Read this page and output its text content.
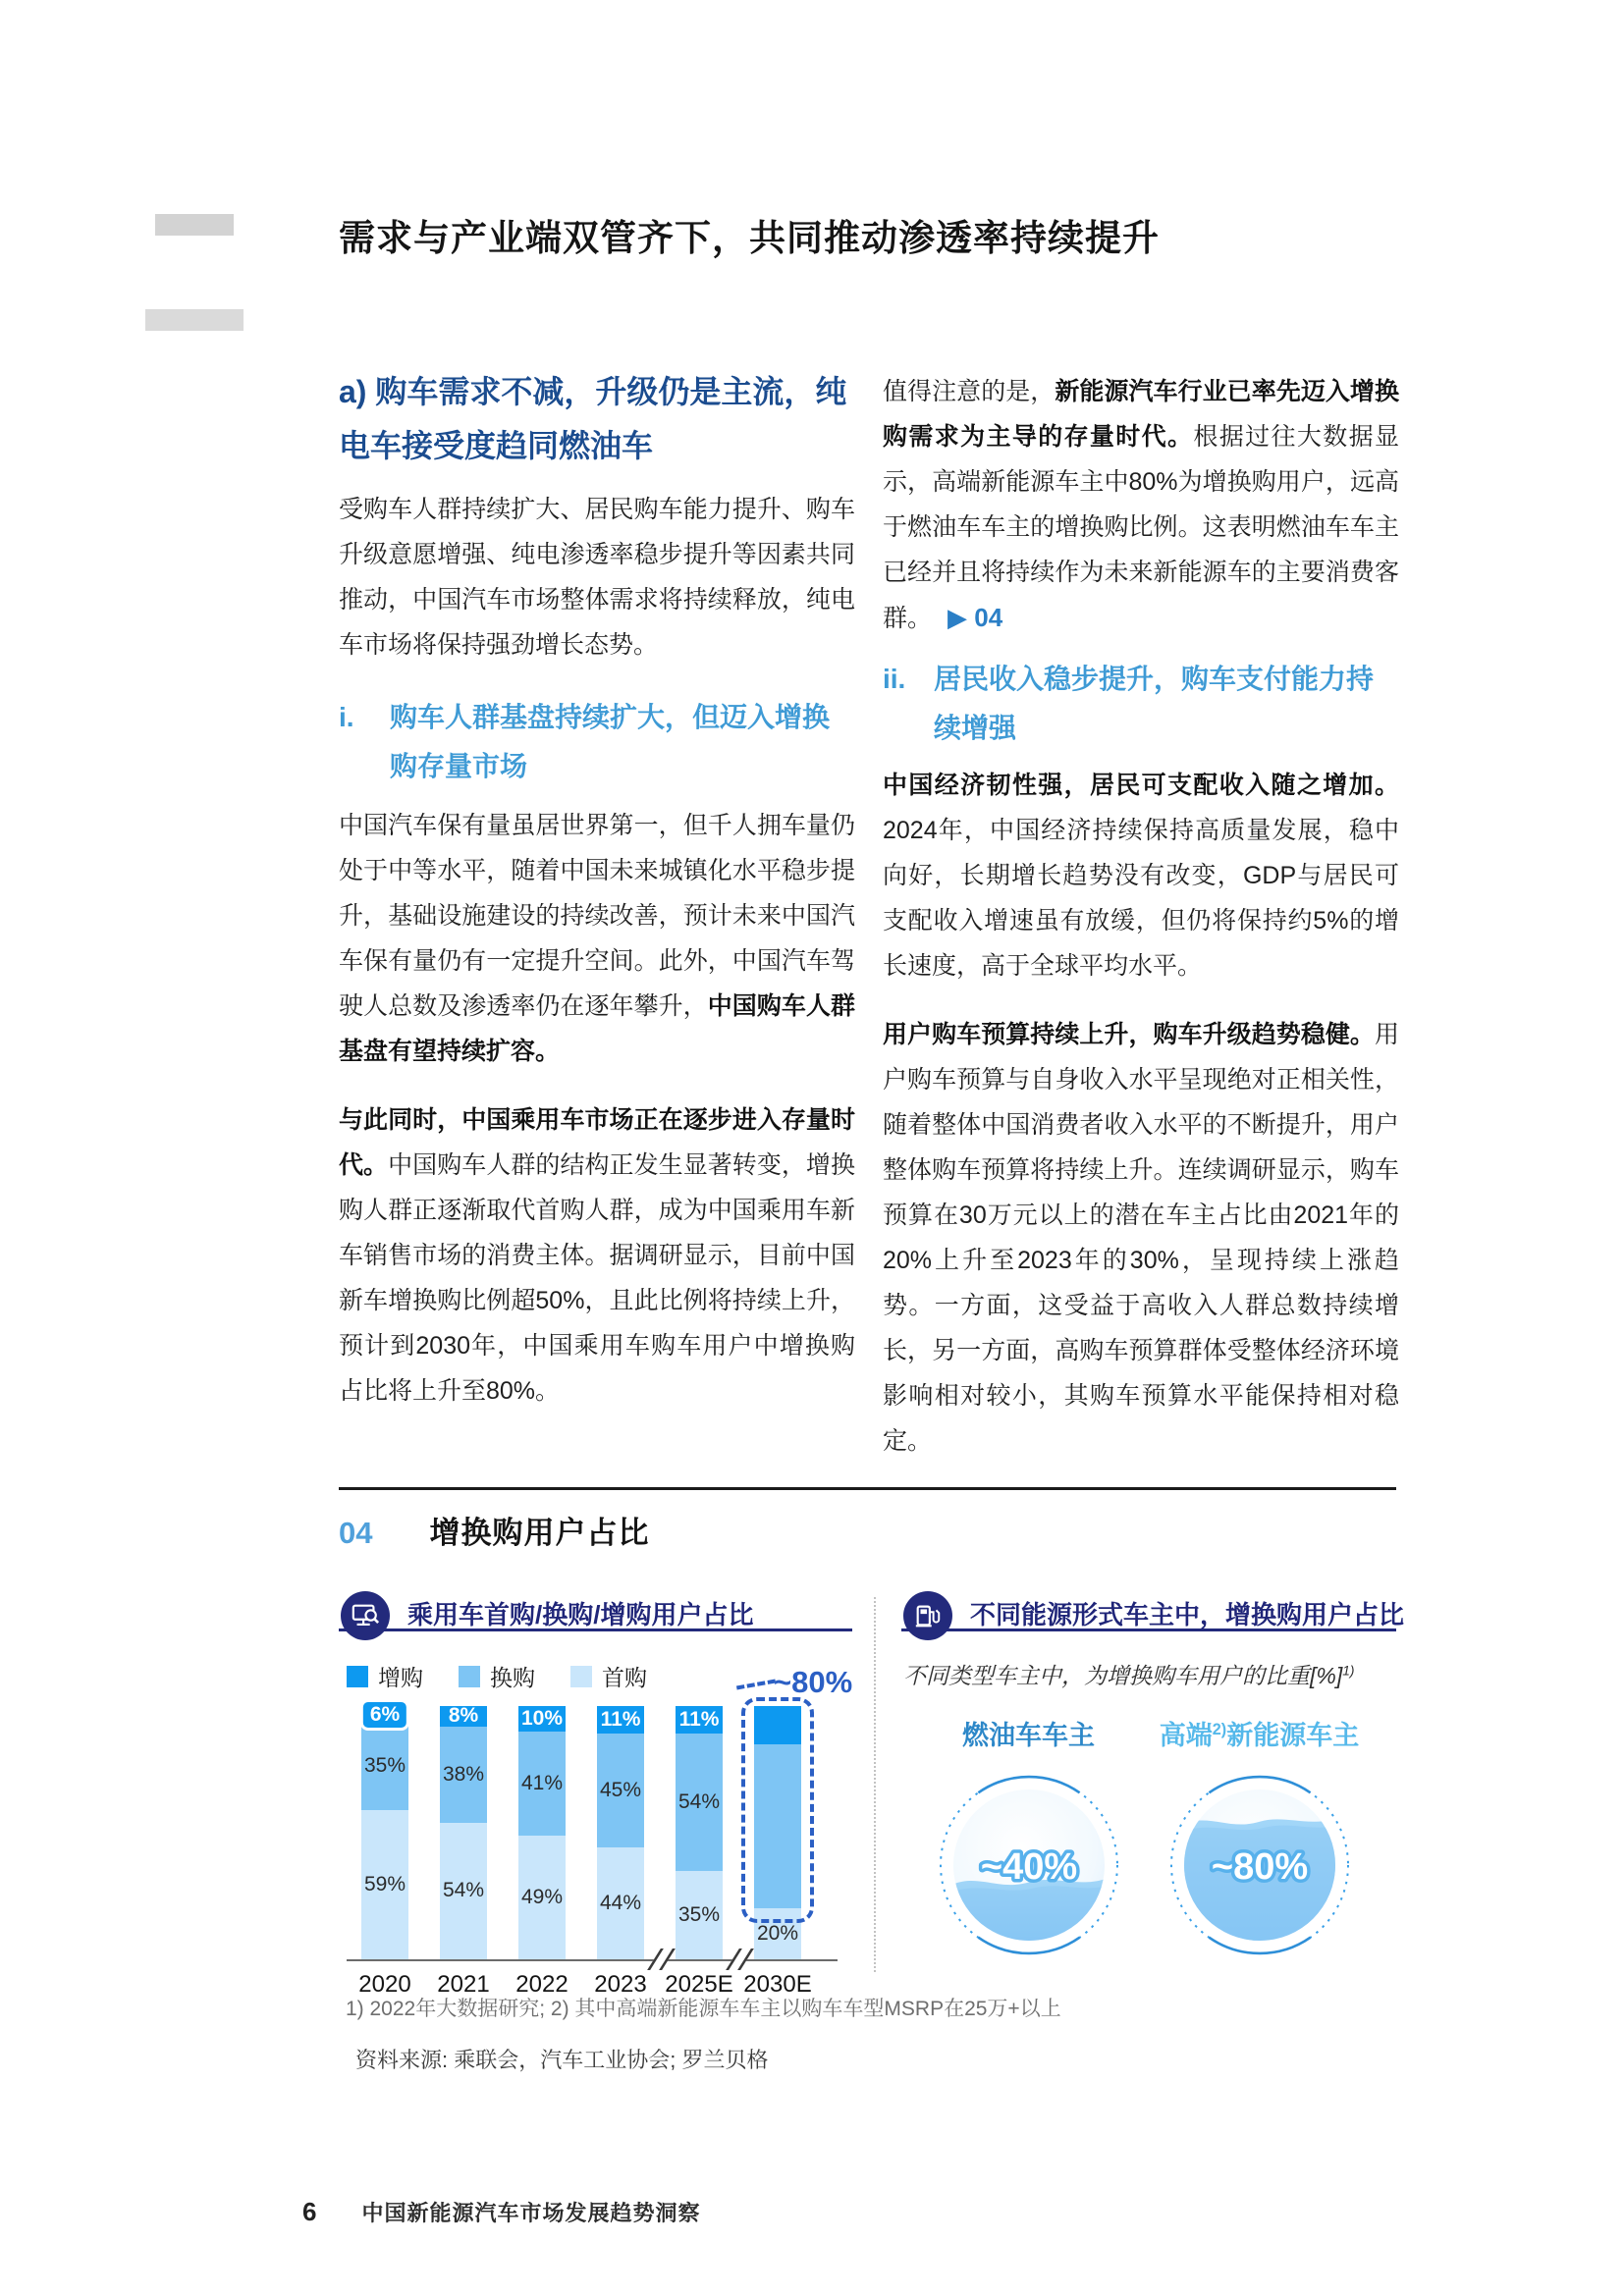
需求与产业端双管齐下，共同推动渗透率持续提升
a) 购车需求不减，升级仍是主流，纯电车接受度趋同燃油车

受购车人群持续扩大、居民购车能力提升、购车升级意愿增强、纯电渗透率稳步提升等因素共同推动，中国汽车市场整体需求将持续释放，纯电车市场将保持强劲增长态势。

i.	购车人群基盘持续扩大，但迈入增换购存量市场

中国汽车保有量虽居世界第一，但千人拥车量仍处于中等水平，随着中国未来城镇化水平稳步提升，基础设施建设的持续改善，预计未来中国汽车保有量仍有一定提升空间。此外，中国汽车驾驶人总数及渗透率仍在逐年攀升，中国购车人群基盘有望持续扩容。

与此同时，中国乘用车市场正在逐步进入存量时代。中国购车人群的结构正发生显著转变，增换购人群正逐渐取代首购人群，成为中国乘用车新车销售市场的消费主体。据调研显示，目前中国新车增换购比例超50%，且此比例将持续上升，预计到2030年，中国乘用车购车用户中增换购占比将上升至80%。

值得注意的是，新能源汽车行业已率先迈入增换购需求为主导的存量时代。根据过往大数据显示，高端新能源车主中80%为增换购用户，远高于燃油车车主的增换购比例。这表明燃油车车主已经并且将持续作为未来新能源车的主要消费客群。 ▶ 04

ii.	居民收入稳步提升，购车支付能力持续增强

中国经济韧性强，居民可支配收入随之增加。2024年，中国经济持续保持高质量发展，稳中向好，长期增长趋势没有改变，GDP与居民可支配收入增速虽有放缓，但仍将保持约5%的增长速度，高于全球平均水平。

用户购车预算持续上升，购车升级趋势稳健。用户购车预算与自身收入水平呈现绝对正相关性，随着整体中国消费者收入水平的不断提升，用户整体购车预算将持续上升。连续调研显示，购车预算在30万元以上的潜在车主占比由2021年的20%上升至2023年的30%，呈现持续上涨趋势。一方面，这受益于高收入人群总数持续增长，另一方面，高购车预算群体受整体经济环境影响相对较小，其购车预算水平能保持相对稳定。

04 增换购用户占比
乘用车首购/换购/增购用户占比
增购	换购	首购
6%
35%
59%
2020
8%
38%
54%
2021
10%
41%
49%
2022
11%
45%
44%
2023
11%
54%
35%
2025E
20%
2030E
~80%
不同能源形式车主中，增换购用户占比
不同类型车主中，为增换购车用户的比重[%]$^{1)}$
燃油车车主
~40%
高端$^{2)}$新能源车主
~80%
1) 2022年大数据研究; 2) 其中高端新能源车车主以购车车型MSRP在25万+以上
资料来源: 乘联会，汽车工业协会; 罗兰贝格
6 中国新能源汽车市场发展趋势洞察
